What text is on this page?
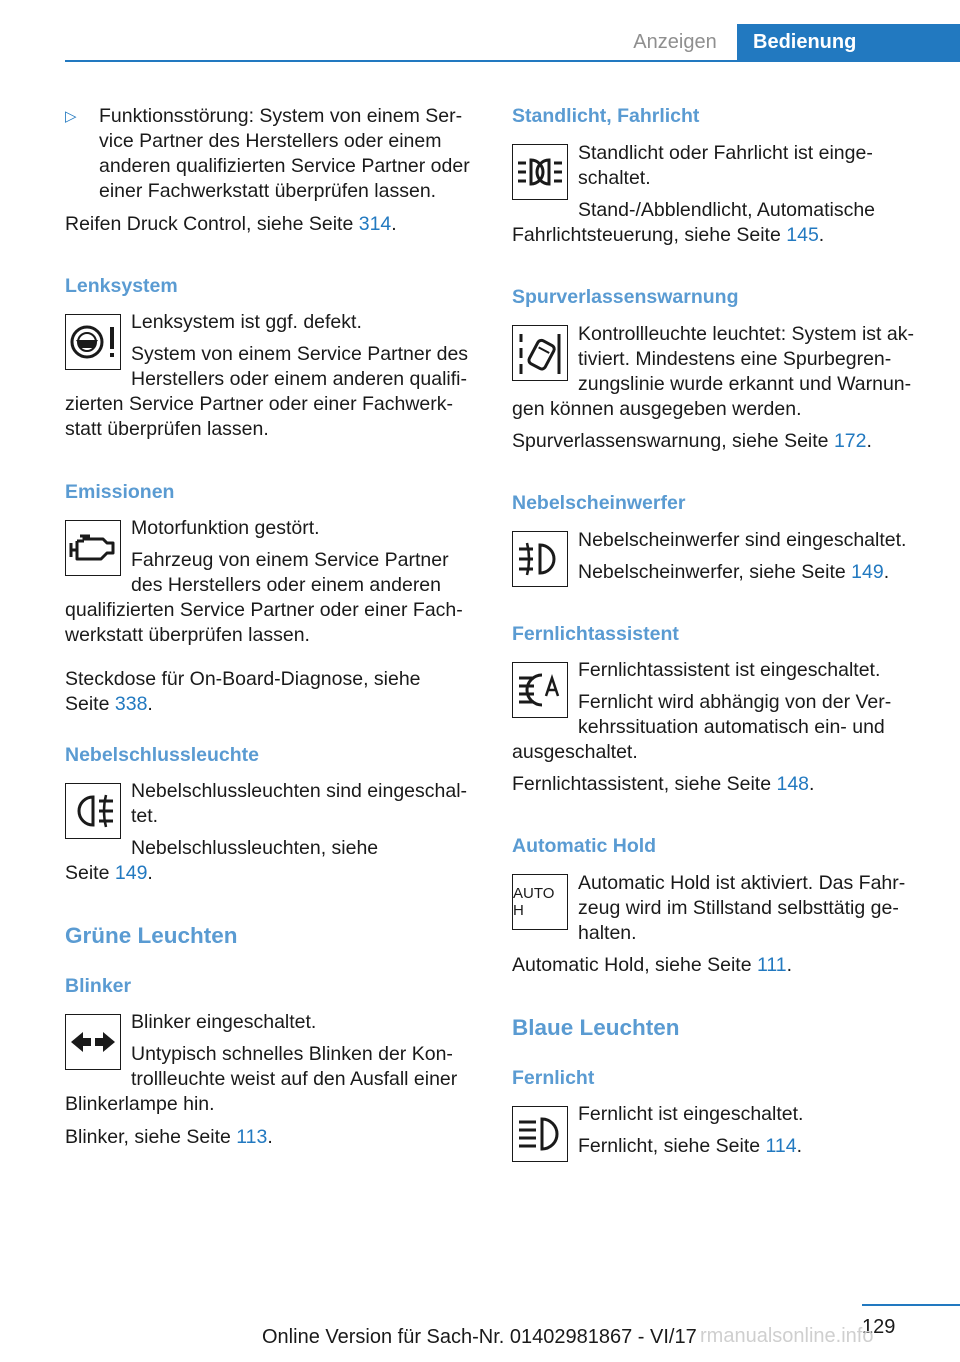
Anzeigen	Bedienung
▷ Funktionsstörung: System von einem Ser-
vice Partner des Herstellers oder einem
anderen qualifizierten Service Partner oder
einer Fachwerkstatt überprüfen lassen.
Reifen Druck Control, siehe Seite 314.
Lenksystem
Lenksystem ist ggf. defekt.
System von einem Service Partner des
Herstellers oder einem anderen qualifi-
zierten Service Partner oder einer Fachwerk-
statt überprüfen lassen.
Emissionen
Motorfunktion gestört.
Fahrzeug von einem Service Partner
des Herstellers oder einem anderen
qualifizierten Service Partner oder einer Fach-
werkstatt überprüfen lassen.
Steckdose für On-Board-Diagnose, siehe
Seite 338.
Nebelschlussleuchte
Nebelschlussleuchten sind eingeschal-
tet.
Nebelschlussleuchten, siehe
Seite 149.
Grüne Leuchten
Blinker
Blinker eingeschaltet.
Untypisch schnelles Blinken der Kon-
trollleuchte weist auf den Ausfall einer
Blinkerlampe hin.
Blinker, siehe Seite 113.
Standlicht, Fahrlicht
Standlicht oder Fahrlicht ist einge-
schaltet.
Stand-/Abblendlicht, Automatische
Fahrlichtsteuerung, siehe Seite 145.
Spurverlassenswarnung
Kontrollleuchte leuchtet: System ist ak-
tiviert. Mindestens eine Spurbegren-
zungslinie wurde erkannt und Warnun-
gen können ausgegeben werden.
Spurverlassenswarnung, siehe Seite 172.
Nebelscheinwerfer
Nebelscheinwerfer sind eingeschaltet.
Nebelscheinwerfer, siehe Seite 149.
Fernlichtassistent
Fernlichtassistent ist eingeschaltet.
Fernlicht wird abhängig von der Ver-
kehrssituation automatisch ein- und
ausgeschaltet.
Fernlichtassistent, siehe Seite 148.
Automatic Hold
AUTO H
Automatic Hold ist aktiviert. Das Fahr-
zeug wird im Stillstand selbsttätig ge-
halten.
Automatic Hold, siehe Seite 111.
Blaue Leuchten
Fernlicht
Fernlicht ist eingeschaltet.
Fernlicht, siehe Seite 114.
129
Online Version für Sach-Nr. 01402981867 - VI/17 rmanualsonline.info
